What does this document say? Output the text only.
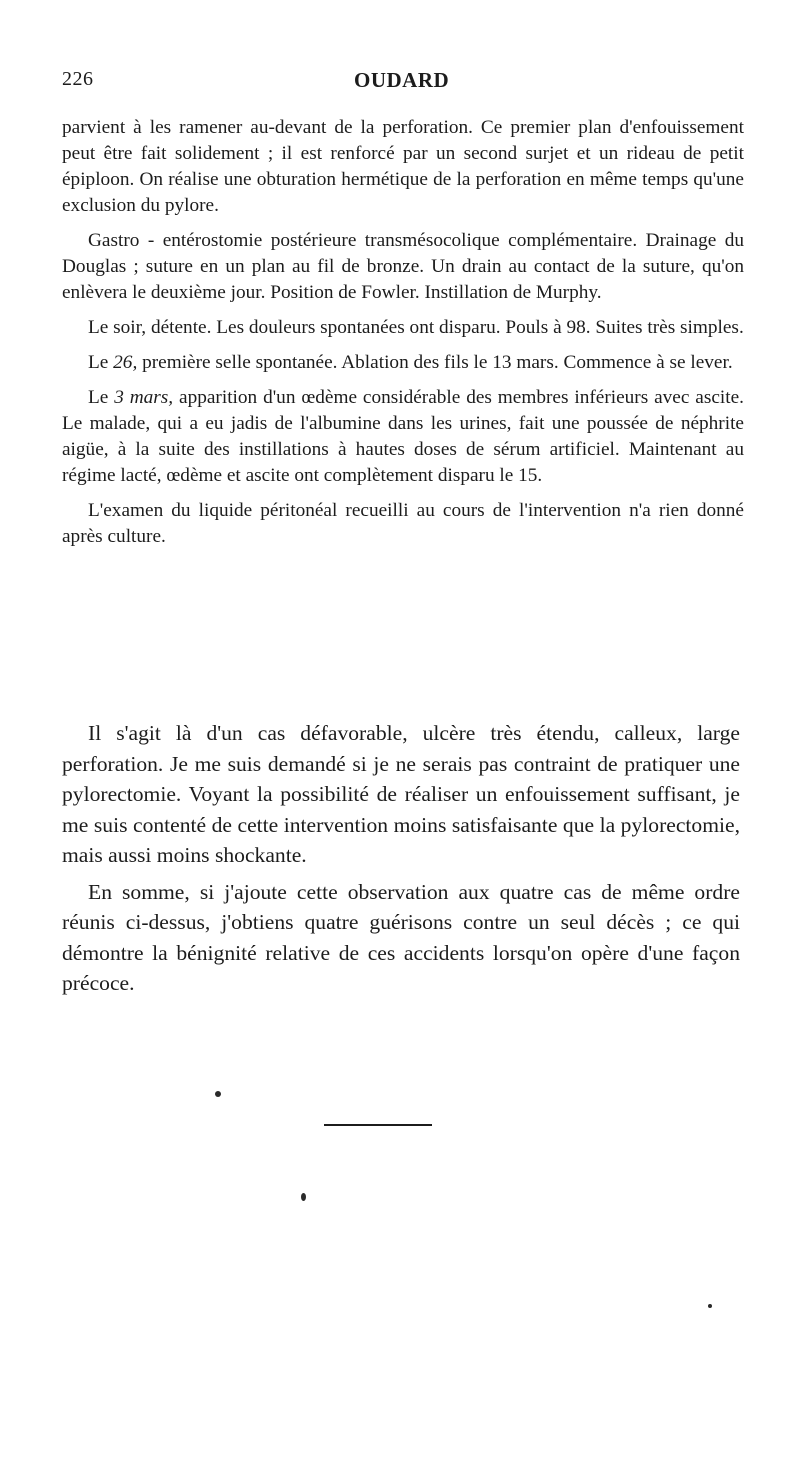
226	OUDARD

parvient à les ramener au-devant de la perforation. Ce premier plan d'enfouissement peut être fait solidement ; il est renforcé par un second surjet et un rideau de petit épiploon. On réalise une obturation hermétique de la perforation en même temps qu'une exclusion du pylore.

Gastro - entérostomie postérieure transmésocolique complémentaire. Drainage du Douglas ; suture en un plan au fil de bronze. Un drain au contact de la suture, qu'on enlèvera le deuxième jour. Position de Fowler. Instillation de Murphy.

Le soir, détente. Les douleurs spontanées ont disparu. Pouls à 98. Suites très simples.

Le 26, première selle spontanée. Ablation des fils le 13 mars. Commence à se lever.

Le 3 mars, apparition d'un œdème considérable des membres inférieurs avec ascite. Le malade, qui a eu jadis de l'albumine dans les urines, fait une poussée de néphrite aigüe, à la suite des instillations à hautes doses de sérum artificiel. Maintenant au régime lacté, œdème et ascite ont complètement disparu le 15.

L'examen du liquide péritonéal recueilli au cours de l'intervention n'a rien donné après culture.

Il s'agit là d'un cas défavorable, ulcère très étendu, calleux, large perforation. Je me suis demandé si je ne serais pas contraint de pratiquer une pylorectomie. Voyant la possibilité de réaliser un enfouissement suffisant, je me suis contenté de cette intervention moins satisfaisante que la pylorectomie, mais aussi moins shockante.

En somme, si j'ajoute cette observation aux quatre cas de même ordre réunis ci-dessus, j'obtiens quatre guérisons contre un seul décès ; ce qui démontre la bénignité relative de ces accidents lorsqu'on opère d'une façon précoce.
